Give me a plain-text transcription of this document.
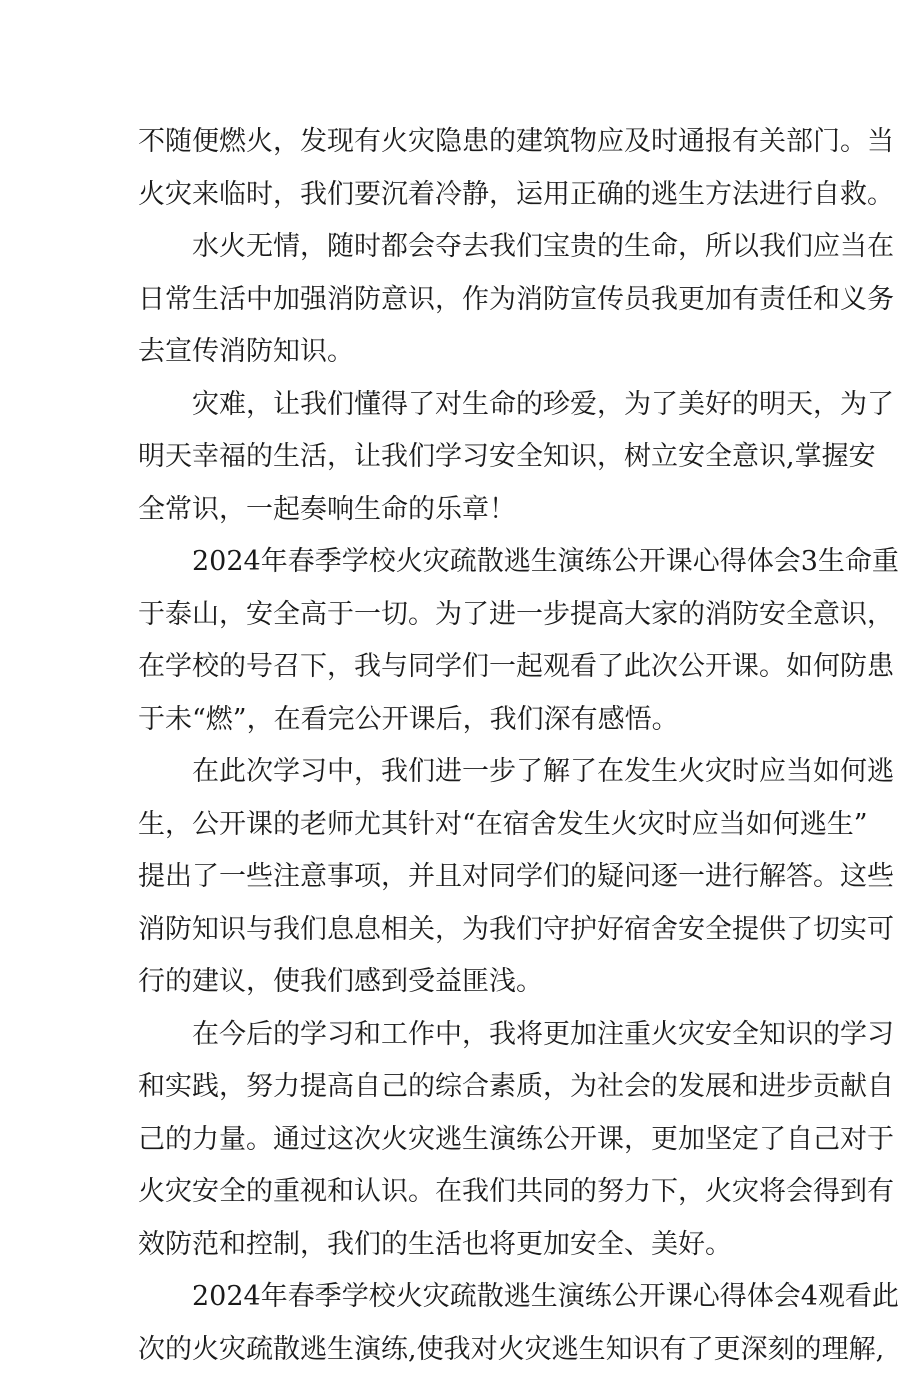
不随便燃火，发现有火灾隐患的建筑物应及时通报有关部门。当
火灾来临时，我们要沉着冷静，运用正确的逃生方法进行自救。
水火无情，随时都会夺去我们宝贵的生命，所以我们应当在
日常生活中加强消防意识，作为消防宣传员我更加有责任和义务
去宣传消防知识。
灾难，让我们懂得了对生命的珍爱，为了美好的明天，为了
明天幸福的生活，让我们学习安全知识，树立安全意识,掌握安
全常识，一起奏响生命的乐章！
2024年春季学校火灾疏散逃生演练公开课心得体会3生命重
于泰山，安全高于一切。为了进一步提高大家的消防安全意识，
在学校的号召下，我与同学们一起观看了此次公开课。如何防患
于未“燃”，在看完公开课后，我们深有感悟。
在此次学习中，我们进一步了解了在发生火灾时应当如何逃
生，公开课的老师尤其针对“在宿舍发生火灾时应当如何逃生”
提出了一些注意事项，并且对同学们的疑问逐一进行解答。这些
消防知识与我们息息相关，为我们守护好宿舍安全提供了切实可
行的建议，使我们感到受益匪浅。
在今后的学习和工作中，我将更加注重火灾安全知识的学习
和实践，努力提高自己的综合素质，为社会的发展和进步贡献自
己的力量。通过这次火灾逃生演练公开课，更加坚定了自己对于
火灾安全的重视和认识。在我们共同的努力下，火灾将会得到有
效防范和控制，我们的生活也将更加安全、美好。
2024年春季学校火灾疏散逃生演练公开课心得体会4观看此
次的火灾疏散逃生演练,使我对火灾逃生知识有了更深刻的理解,
